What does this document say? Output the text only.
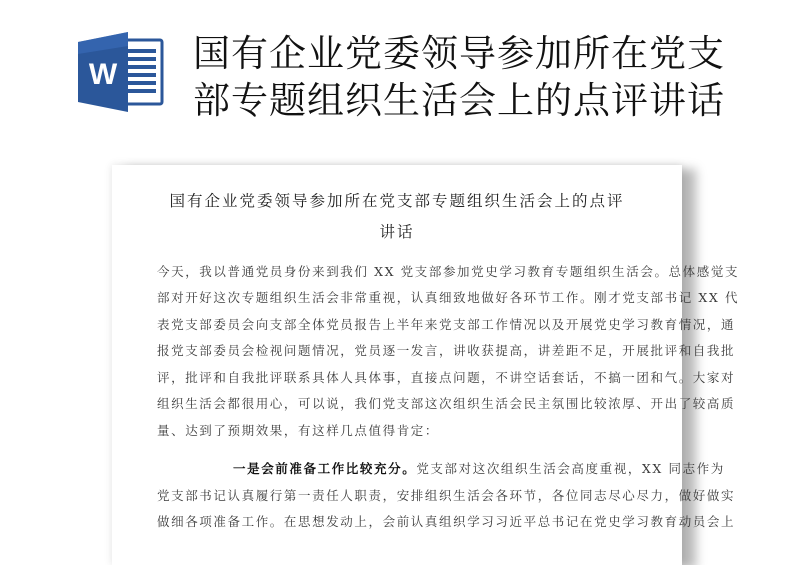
W 国有企业党委领导参加所在党支
部专题组织生活会上的点评讲话
国有企业党委领导参加所在党支部专题组织生活会上的点评
讲话
今天，我以普通党员身份来到我们 XX 党支部参加党史学习教育专题组织生活会。总体感觉支
部对开好这次专题组织生活会非常重视，认真细致地做好各环节工作。刚才党支部书记 XX 代
表党支部委员会向支部全体党员报告上半年来党支部工作情况以及开展党史学习教育情况，通
报党支部委员会检视问题情况，党员逐一发言，讲收获提高，讲差距不足，开展批评和自我批
评，批评和自我批评联系具体人具体事，直接点问题，不讲空话套话，不搞一团和气。大家对
组织生活会都很用心，可以说，我们党支部这次组织生活会民主氛围比较浓厚、开出了较高质
量、达到了预期效果，有这样几点值得肯定：
一是会前准备工作比较充分。党支部对这次组织生活会高度重视，XX 同志作为
党支部书记认真履行第一责任人职责，安排组织生活会各环节，各位同志尽心尽力，做好做实
做细各项准备工作。在思想发动上，会前认真组织学习习近平总书记在党史学习教育动员会上
